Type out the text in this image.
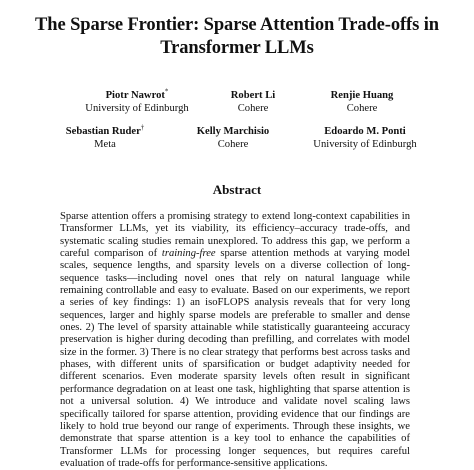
The Sparse Frontier: Sparse Attention Trade-offs in Transformer LLMs
Piotr Nawrot*
University of Edinburgh
Robert Li
Cohere
Renjie Huang
Cohere
Sebastian Ruder†
Meta
Kelly Marchisio
Cohere
Edoardo M. Ponti
University of Edinburgh
Abstract

Sparse attention offers a promising strategy to extend long-context capabilities in Transformer LLMs, yet its viability, its efficiency–accuracy trade-offs, and systematic scaling studies remain unexplored. To address this gap, we perform a careful comparison of training-free sparse attention methods at varying model scales, sequence lengths, and sparsity levels on a diverse collection of long-sequence tasks—including novel ones that rely on natural language while remaining controllable and easy to evaluate. Based on our experiments, we report a series of key findings: 1) an isoFLOPS analysis reveals that for very long sequences, larger and highly sparse models are preferable to smaller and dense ones. 2) The level of sparsity attainable while statistically guaranteeing accuracy preservation is higher during decoding than prefilling, and correlates with model size in the former. 3) There is no clear strategy that performs best across tasks and phases, with different units of sparsification or budget adaptivity needed for different scenarios. Even moderate sparsity levels often result in significant performance degradation on at least one task, highlighting that sparse attention is not a universal solution. 4) We introduce and validate novel scaling laws specifically tailored for sparse attention, providing evidence that our findings are likely to hold true beyond our range of experiments. Through these insights, we demonstrate that sparse attention is a key tool to enhance the capabilities of Transformer LLMs for processing longer sequences, but requires careful evaluation of trade-offs for performance-sensitive applications.
